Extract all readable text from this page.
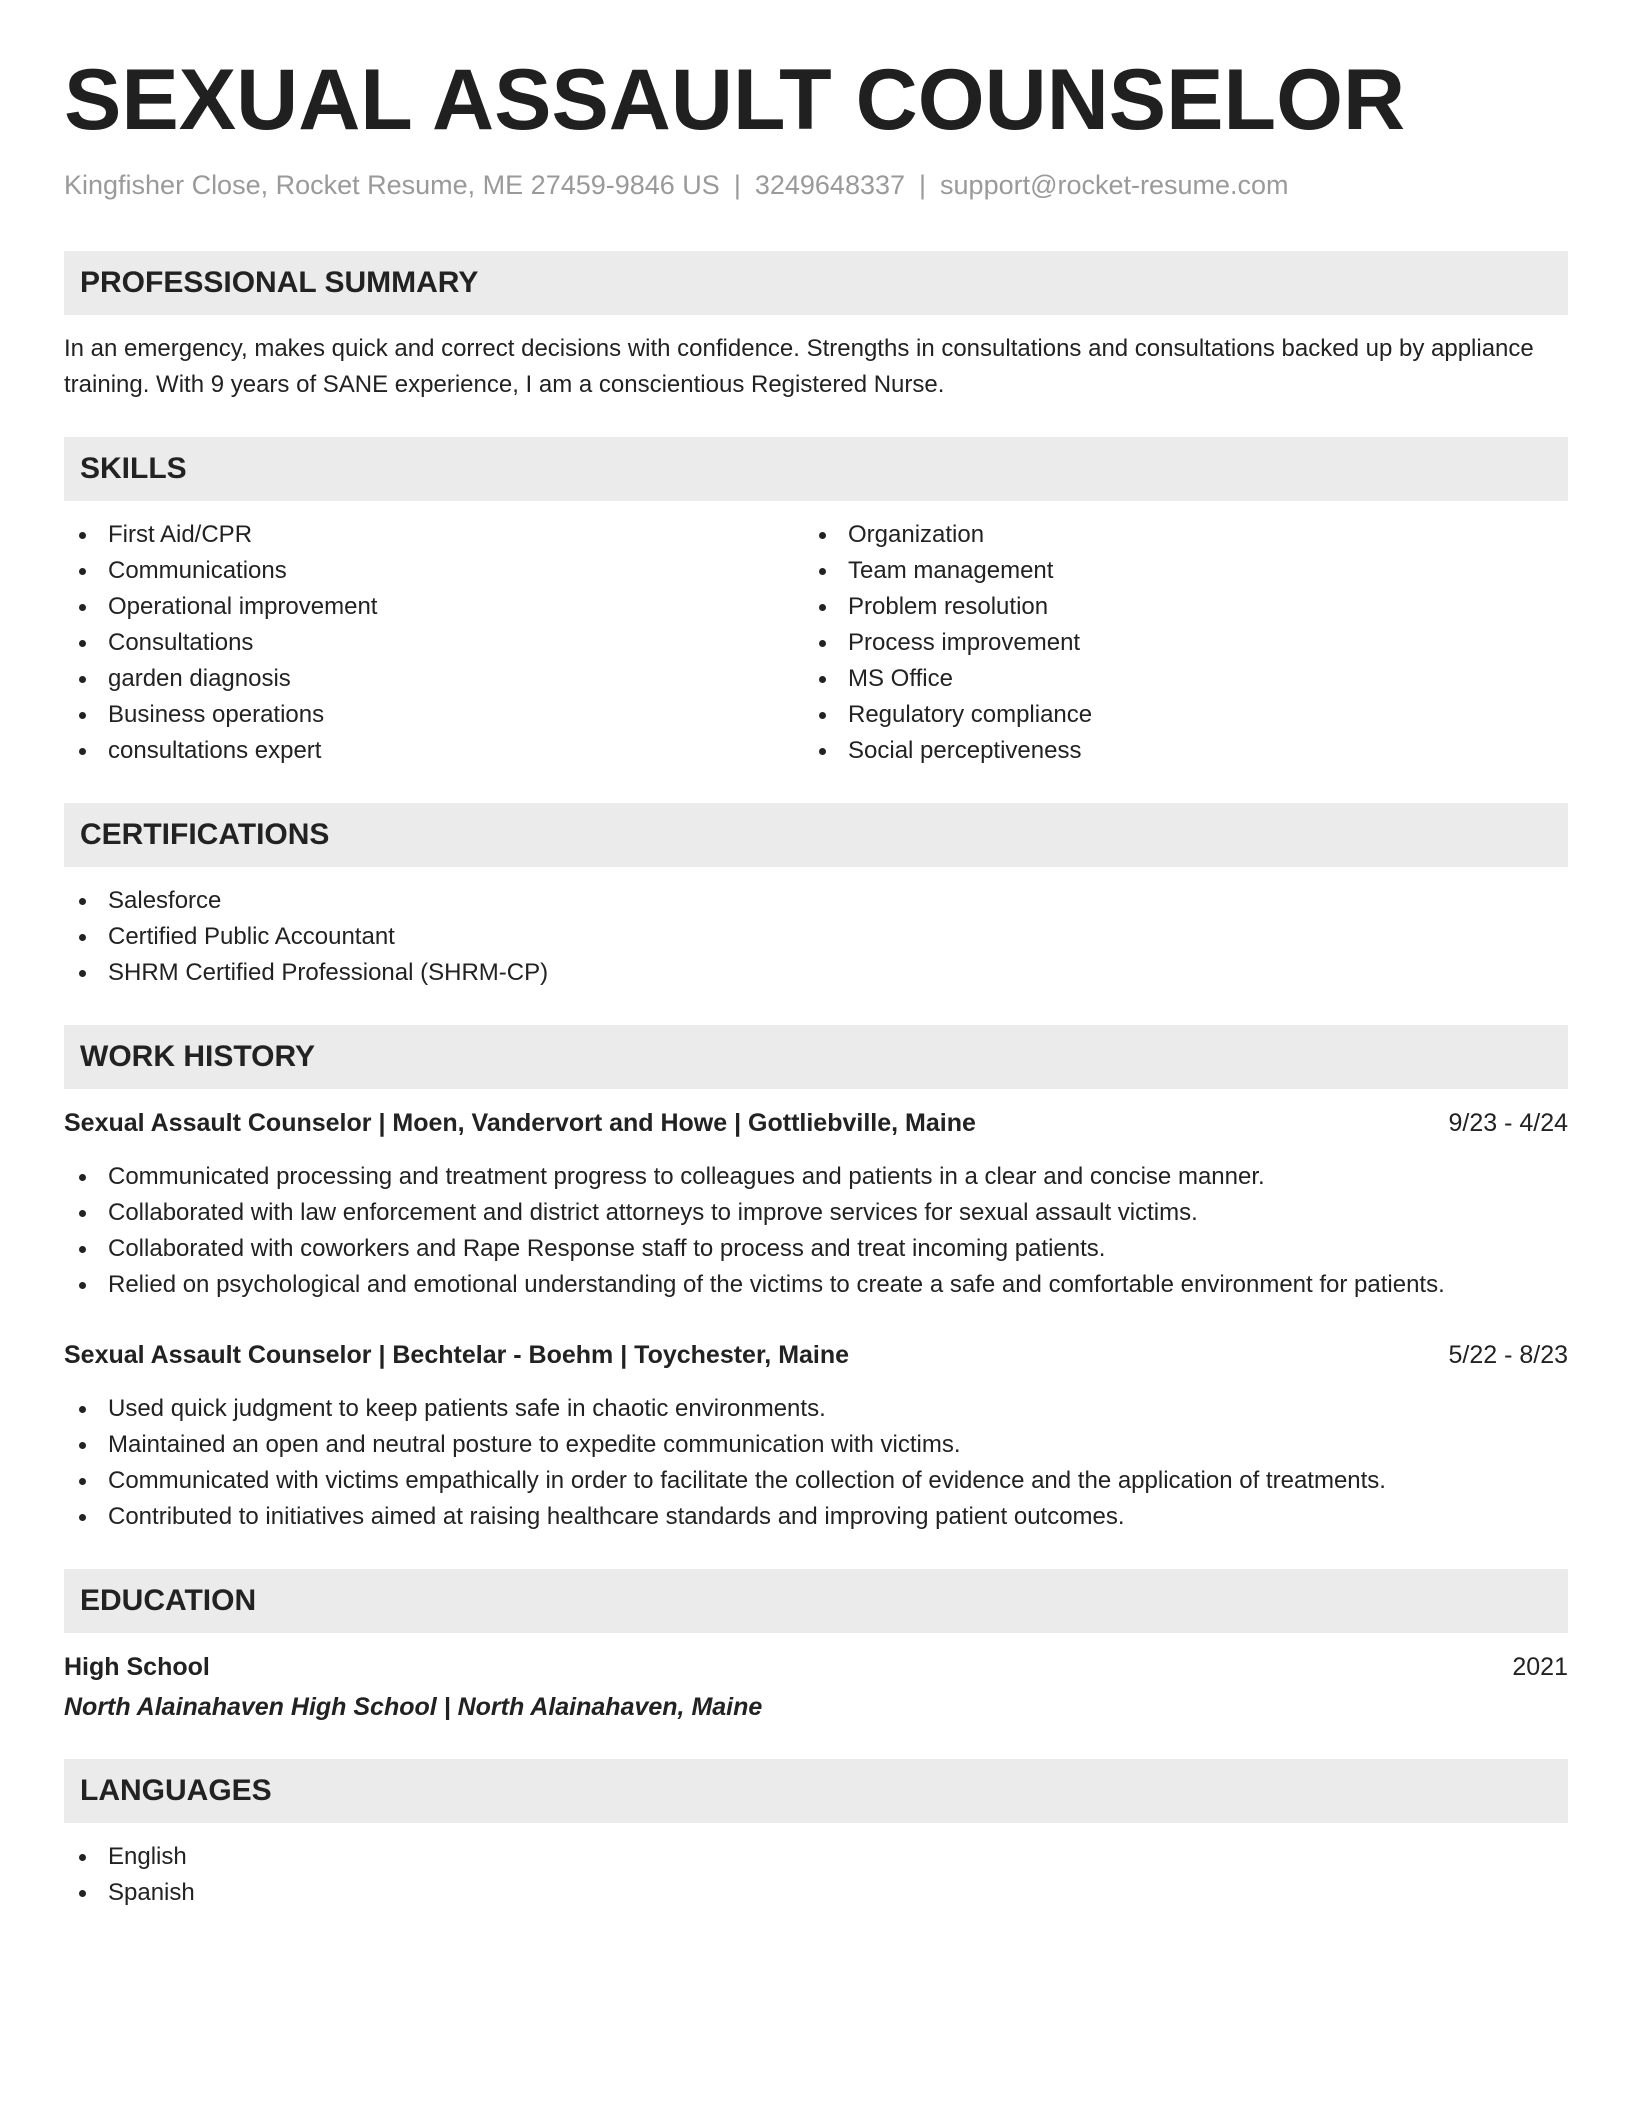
SEXUAL ASSAULT COUNSELOR
Kingfisher Close, Rocket Resume, ME 27459-9846 US | 3249648337 | support@rocket-resume.com
PROFESSIONAL SUMMARY
In an emergency, makes quick and correct decisions with confidence. Strengths in consultations and consultations backed up by appliance training. With 9 years of SANE experience, I am a conscientious Registered Nurse.
SKILLS
First Aid/CPR
Communications
Operational improvement
Consultations
garden diagnosis
Business operations
consultations expert
Organization
Team management
Problem resolution
Process improvement
MS Office
Regulatory compliance
Social perceptiveness
CERTIFICATIONS
Salesforce
Certified Public Accountant
SHRM Certified Professional (SHRM-CP)
WORK HISTORY
Sexual Assault Counselor | Moen, Vandervort and Howe | Gottliebville, Maine	9/23 - 4/24
Communicated processing and treatment progress to colleagues and patients in a clear and concise manner.
Collaborated with law enforcement and district attorneys to improve services for sexual assault victims.
Collaborated with coworkers and Rape Response staff to process and treat incoming patients.
Relied on psychological and emotional understanding of the victims to create a safe and comfortable environment for patients.
Sexual Assault Counselor | Bechtelar - Boehm | Toychester, Maine	5/22 - 8/23
Used quick judgment to keep patients safe in chaotic environments.
Maintained an open and neutral posture to expedite communication with victims.
Communicated with victims empathically in order to facilitate the collection of evidence and the application of treatments.
Contributed to initiatives aimed at raising healthcare standards and improving patient outcomes.
EDUCATION
High School	2021
North Alainahaven High School | North Alainahaven, Maine
LANGUAGES
English
Spanish
